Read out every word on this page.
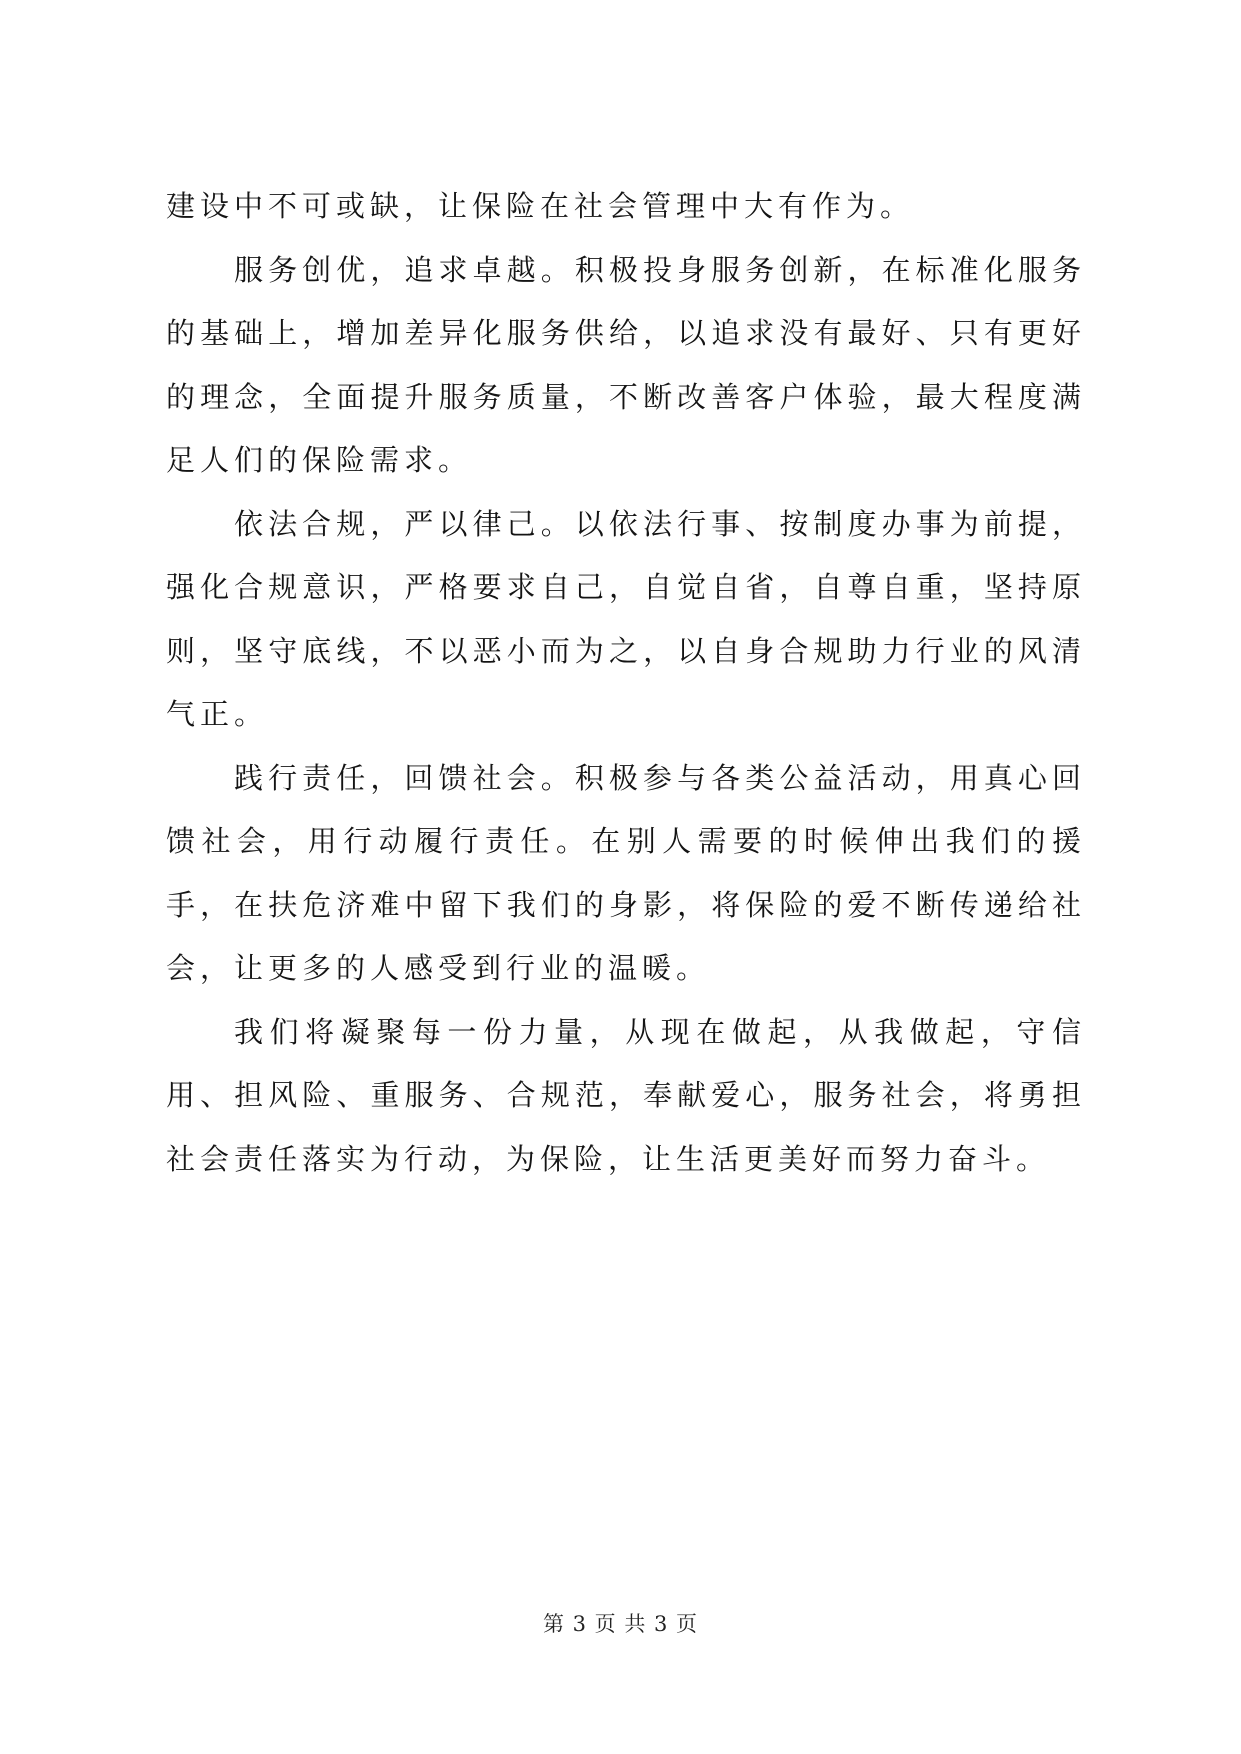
建设中不可或缺，让保险在社会管理中大有作为。

服务创优，追求卓越。积极投身服务创新，在标准化服务的基础上，增加差异化服务供给，以追求没有最好、只有更好的理念，全面提升服务质量，不断改善客户体验，最大程度满足人们的保险需求。

依法合规，严以律己。以依法行事、按制度办事为前提，强化合规意识，严格要求自己，自觉自省，自尊自重，坚持原则，坚守底线，不以恶小而为之，以自身合规助力行业的风清气正。

践行责任，回馈社会。积极参与各类公益活动，用真心回馈社会，用行动履行责任。在别人需要的时候伸出我们的援手，在扶危济难中留下我们的身影，将保险的爱不断传递给社会，让更多的人感受到行业的温暖。

我们将凝聚每一份力量，从现在做起，从我做起，守信用、担风险、重服务、合规范，奉献爱心，服务社会，将勇担社会责任落实为行动，为保险，让生活更美好而努力奋斗。

第 3 页 共 3 页
